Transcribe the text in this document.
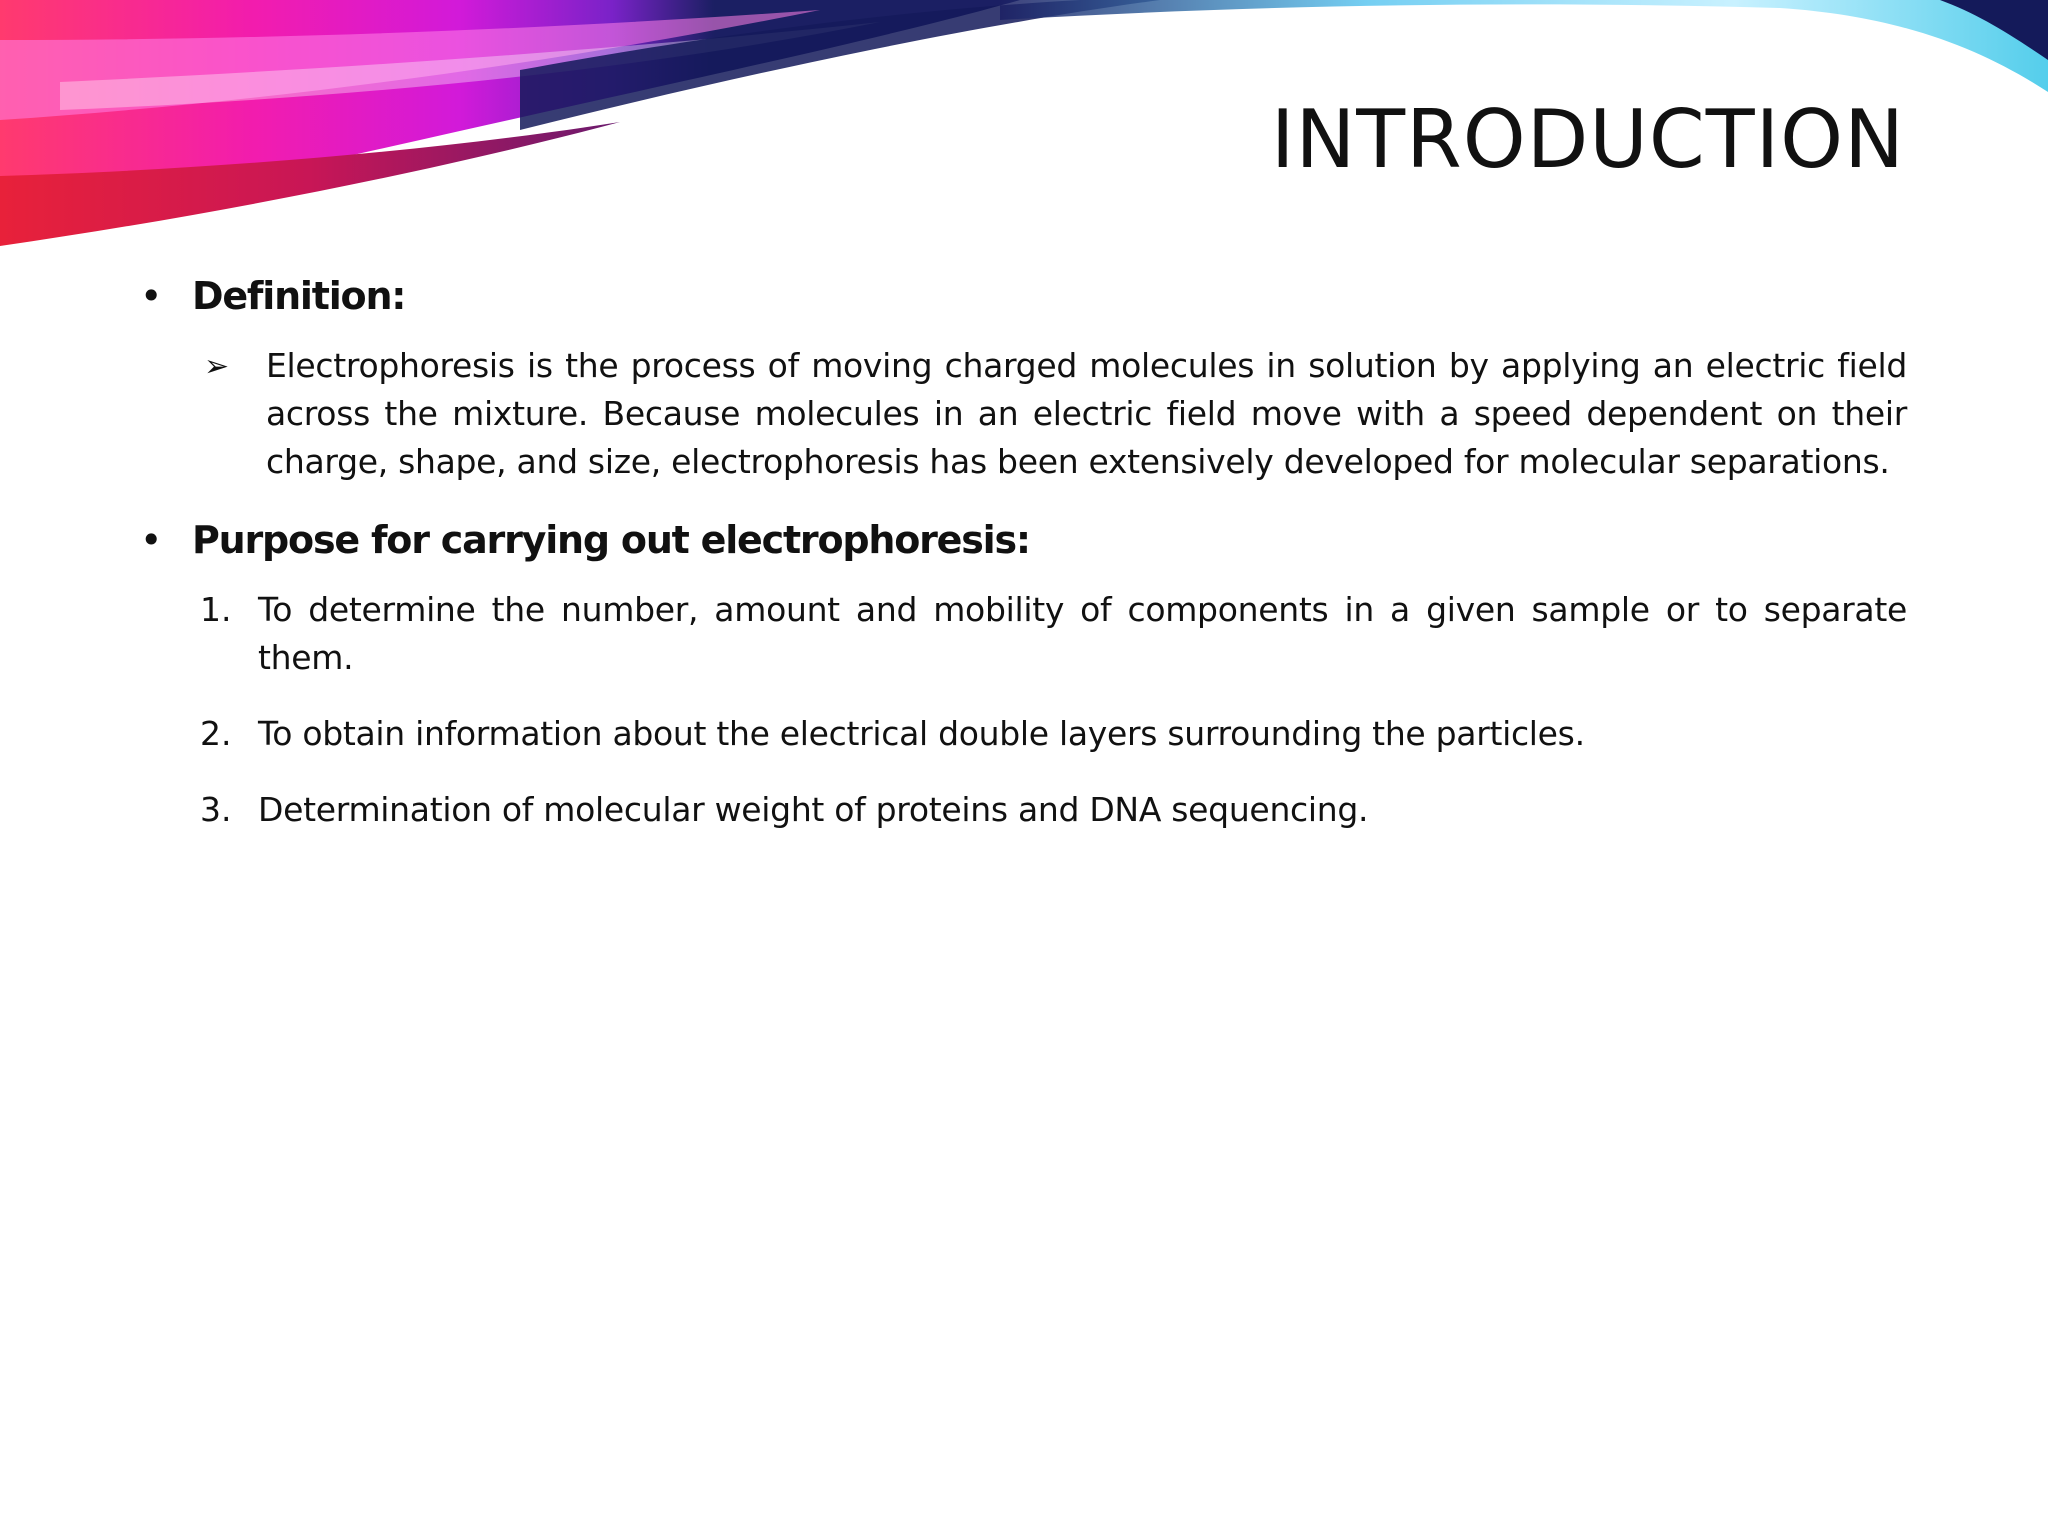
INTRODUCTION
• Definition:
➢	Electrophoresis is the process of moving charged molecules in solution by applying an electric field across the mixture. Because molecules in an electric field move with a speed dependent on their charge, shape, and size, electrophoresis has been extensively developed for molecular separations.

• Purpose for carrying out electrophoresis:
1. To determine the number, amount and mobility of components in a given sample or to separate them.
2. To obtain information about the electrical double layers surrounding the particles.
3. Determination of molecular weight of proteins and DNA sequencing.
